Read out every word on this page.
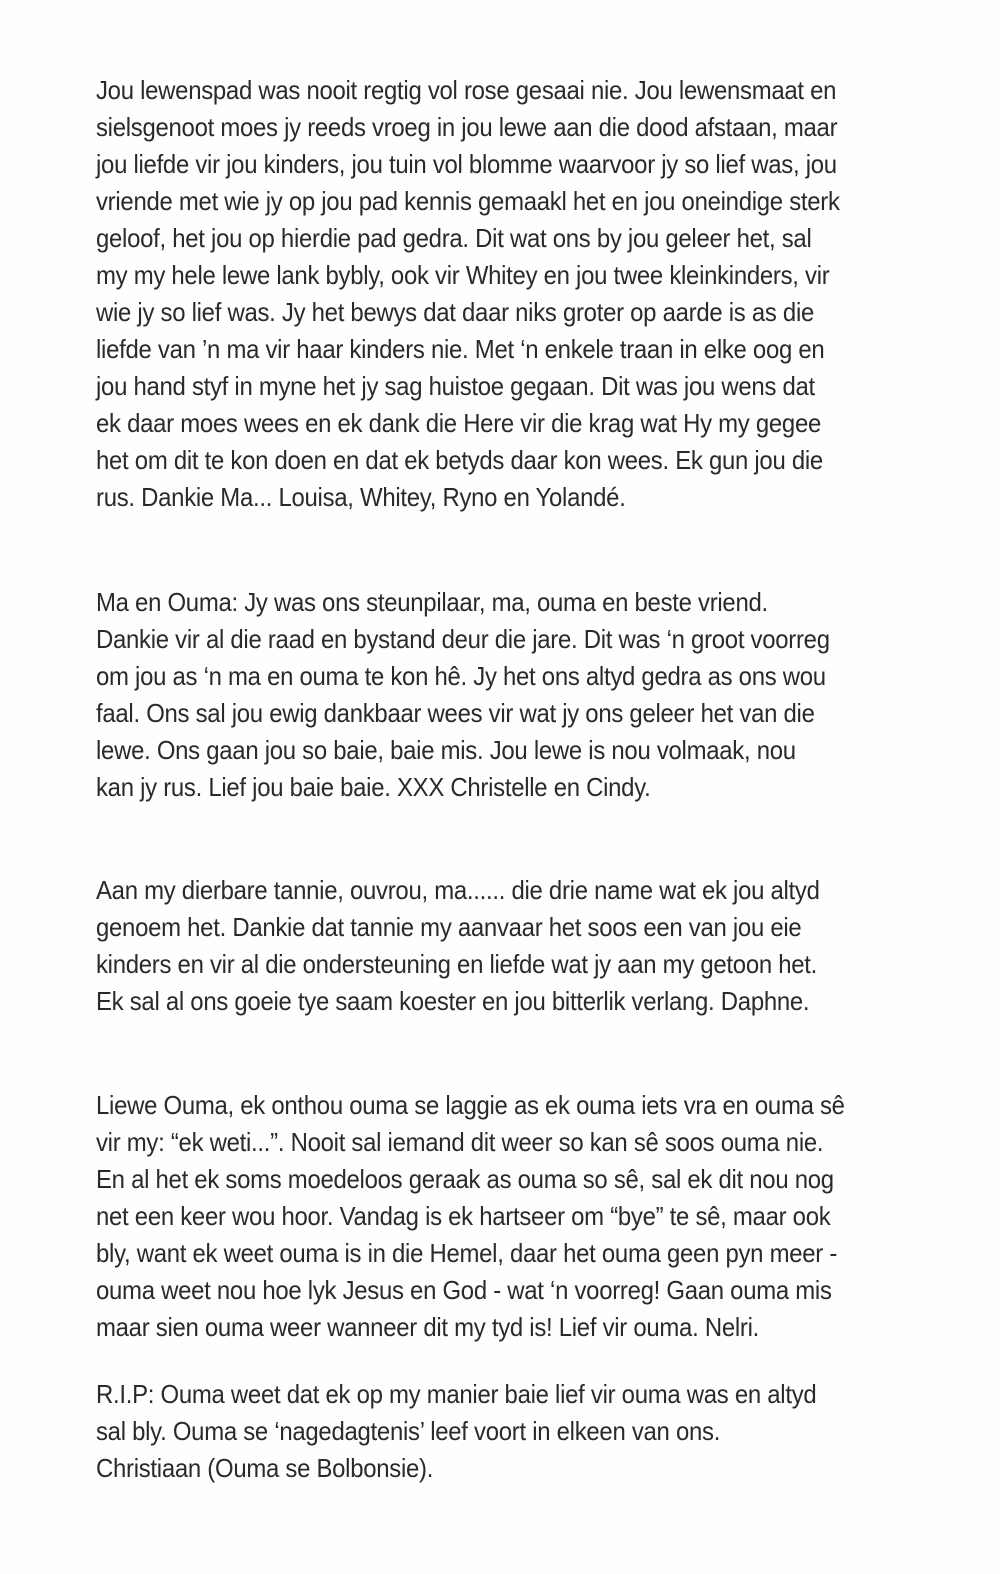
Jou lewenspad was nooit regtig vol rose gesaai nie. Jou lewensmaat en
sielsgenoot moes jy reeds vroeg in jou lewe aan die dood afstaan, maar
jou liefde vir jou kinders, jou tuin vol blomme waarvoor jy so lief was, jou
vriende met wie jy op jou pad kennis gemaakl het en jou oneindige sterk
geloof, het jou op hierdie pad gedra. Dit wat ons by jou geleer het, sal
my my hele lewe lank bybly, ook vir Whitey en jou twee kleinkinders, vir
wie jy so lief was. Jy het bewys dat daar niks groter op aarde is as die
liefde van ’n ma vir haar kinders nie. Met ‘n enkele traan in elke oog en
jou hand styf in myne het jy sag huistoe gegaan. Dit was jou wens dat
ek daar moes wees en ek dank die Here vir die krag wat Hy my gegee
het om dit te kon doen en dat ek betyds daar kon wees. Ek gun jou die
rus. Dankie Ma... Louisa, Whitey, Ryno en Yolandé.

Ma en Ouma: Jy was ons steunpilaar, ma, ouma en beste vriend.
Dankie vir al die raad en bystand deur die jare. Dit was ‘n groot voorreg
om jou as ‘n ma en ouma te kon hê. Jy het ons altyd gedra as ons wou
faal. Ons sal jou ewig dankbaar wees vir wat jy ons geleer het van die
lewe. Ons gaan jou so baie, baie mis. Jou lewe is nou volmaak, nou
kan jy rus. Lief jou baie baie. XXX Christelle en Cindy.

Aan my dierbare tannie, ouvrou, ma...... die drie name wat ek jou altyd
genoem het. Dankie dat tannie my aanvaar het soos een van jou eie
kinders en vir al die ondersteuning en liefde wat jy aan my getoon het.
Ek sal al ons goeie tye saam koester en jou bitterlik verlang. Daphne.

Liewe Ouma, ek onthou ouma se laggie as ek ouma iets vra en ouma sê
vir my: “ek weti...”. Nooit sal iemand dit weer so kan sê soos ouma nie.
En al het ek soms moedeloos geraak as ouma so sê, sal ek dit nou nog
net een keer wou hoor. Vandag is ek hartseer om “bye” te sê, maar ook
bly, want ek weet ouma is in die Hemel, daar het ouma geen pyn meer -
ouma weet nou hoe lyk Jesus en God - wat ‘n voorreg! Gaan ouma mis
maar sien ouma weer wanneer dit my tyd is! Lief vir ouma. Nelri.

R.I.P: Ouma weet dat ek op my manier baie lief vir ouma was en altyd
sal bly. Ouma se ‘nagedagtenis’ leef voort in elkeen van ons.
Christiaan (Ouma se Bolbonsie).
